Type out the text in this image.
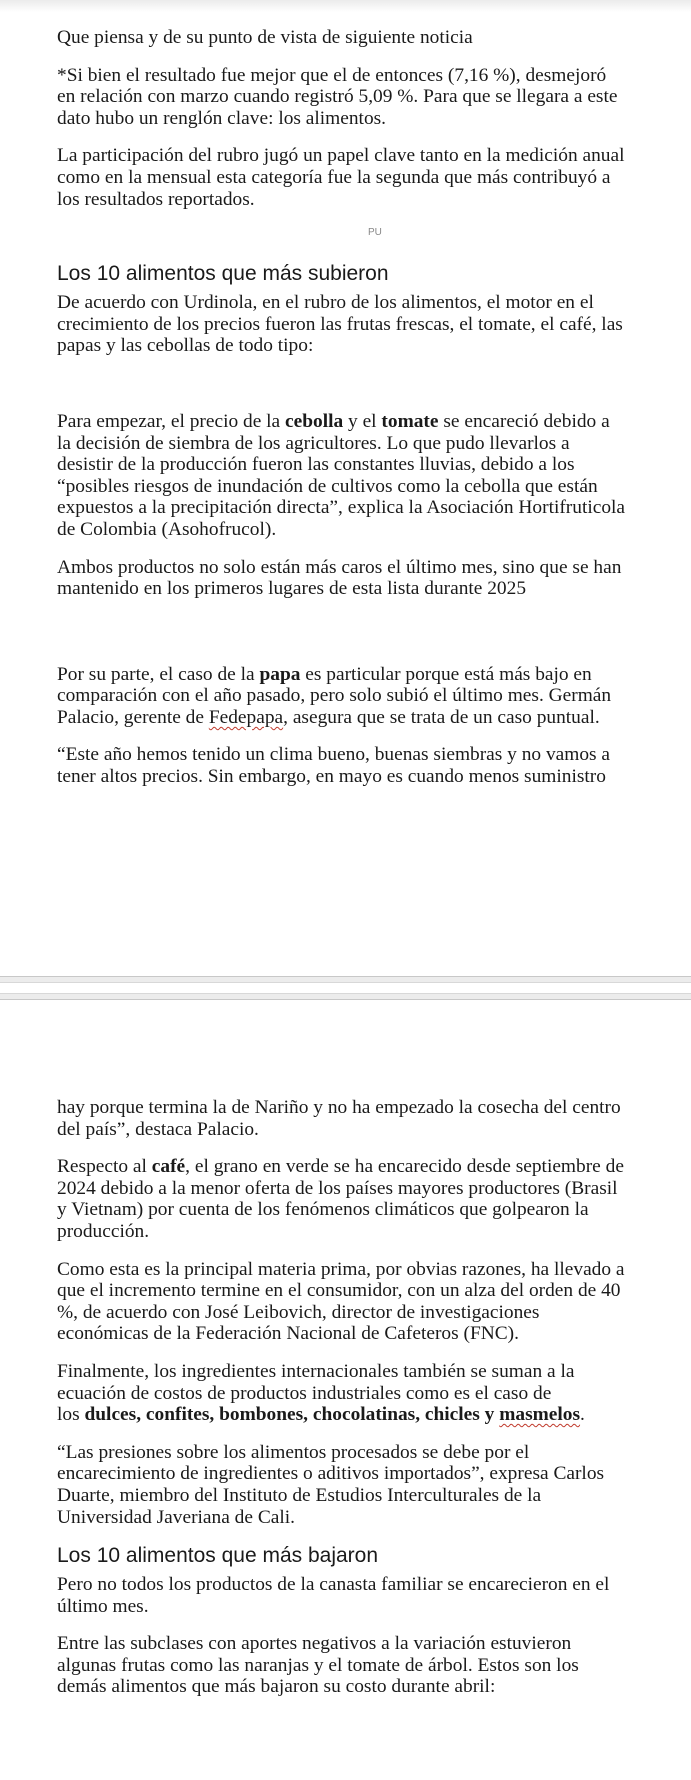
Que piensa y de su punto de vista de siguiente noticia

*Si bien el resultado fue mejor que el de entonces (7,16 %), desmejoró
en relación con marzo cuando registró 5,09 %. Para que se llegara a este
dato hubo un renglón clave: los alimentos.

La participación del rubro jugó un papel clave tanto en la medición anual
como en la mensual esta categoría fue la segunda que más contribuyó a
los resultados reportados.

PU
Los 10 alimentos que más subieron

De acuerdo con Urdinola, en el rubro de los alimentos, el motor en el
crecimiento de los precios fueron las frutas frescas, el tomate, el café, las
papas y las cebollas de todo tipo:

Para empezar, el precio de la cebolla y el tomate se encareció debido a
la decisión de siembra de los agricultores. Lo que pudo llevarlos a
desistir de la producción fueron las constantes lluvias, debido a los
“posibles riesgos de inundación de cultivos como la cebolla que están
expuestos a la precipitación directa”, explica la Asociación Hortifruticola
de Colombia (Asohofrucol).

Ambos productos no solo están más caros el último mes, sino que se han
mantenido en los primeros lugares de esta lista durante 2025

Por su parte, el caso de la papa es particular porque está más bajo en
comparación con el año pasado, pero solo subió el último mes. Germán
Palacio, gerente de Fedepapa, asegura que se trata de un caso puntual.

“Este año hemos tenido un clima bueno, buenas siembras y no vamos a
tener altos precios. Sin embargo, en mayo es cuando menos suministro

hay porque termina la de Nariño y no ha empezado la cosecha del centro
del país”, destaca Palacio.

Respecto al café, el grano en verde se ha encarecido desde septiembre de
2024 debido a la menor oferta de los países mayores productores (Brasil
y Vietnam) por cuenta de los fenómenos climáticos que golpearon la
producción.

Como esta es la principal materia prima, por obvias razones, ha llevado a
que el incremento termine en el consumidor, con un alza del orden de 40
%, de acuerdo con José Leibovich, director de investigaciones
económicas de la Federación Nacional de Cafeteros (FNC).

Finalmente, los ingredientes internacionales también se suman a la
ecuación de costos de productos industriales como es el caso de
los dulces, confites, bombones, chocolatinas, chicles y masmelos.

“Las presiones sobre los alimentos procesados se debe por el
encarecimiento de ingredientes o aditivos importados”, expresa Carlos
Duarte, miembro del Instituto de Estudios Interculturales de la
Universidad Javeriana de Cali.

Los 10 alimentos que más bajaron

Pero no todos los productos de la canasta familiar se encarecieron en el
último mes.

Entre las subclases con aportes negativos a la variación estuvieron
algunas frutas como las naranjas y el tomate de árbol. Estos son los
demás alimentos que más bajaron su costo durante abril:
